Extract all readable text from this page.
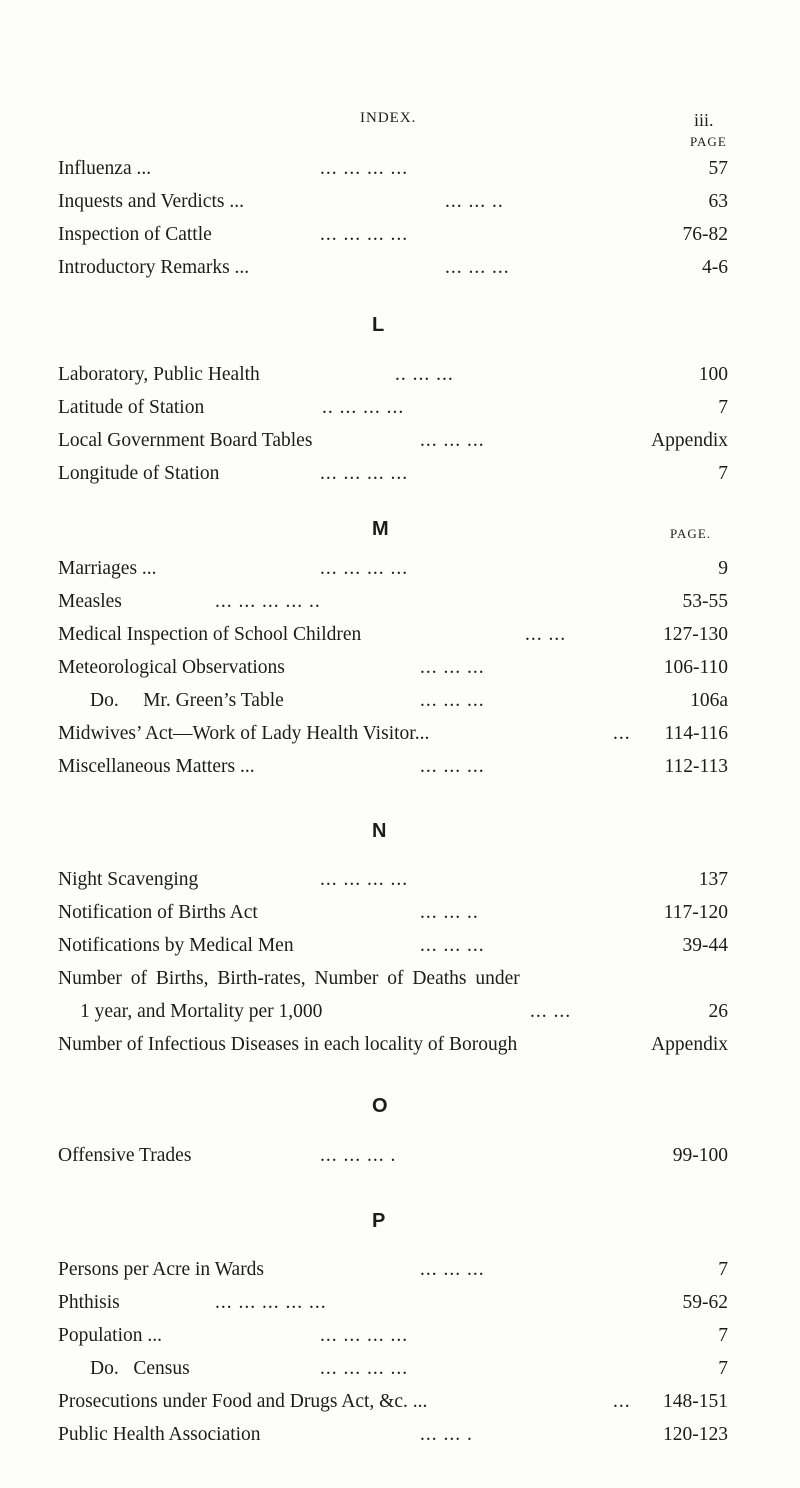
INDEX.	iii.
PAGE
Influenza ...	... ... ... ...	57
Inquests and Verdicts ...	... ... ..	63
Inspection of Cattle	... ... ... ...	76-82
Introductory Remarks ...	... ... ...	4-6
L
Laboratory, Public Health	.. ... ...	100
Latitude of Station	.. ... ... ...	7
Local Government Board Tables	... ... ...	Appendix
Longitude of Station	... ... ... ...	7
M	PAGE.
Marriages ...	... ... ... ...	9
Measles	... ... ... ... ..	53-55
Medical Inspection of School Children	... ...	127-130
Meteorological Observations	... ... ...	106-110
Do.     Mr. Green’s Table	... ... ...	106a
Midwives’ Act—Work of Lady Health Visitor...	... 114-116
Miscellaneous Matters ...	... ... ...	112-113
N
Night Scavenging	... ... ... ...	137
Notification of Births Act	... ... ..	117-120
Notifications by Medical Men	... ... ...	39-44
Number of Births, Birth-rates, Number of Deaths under
1 year, and Mortality per 1,000	... ...	26
Number of Infectious Diseases in each locality of Borough	Appendix
O
Offensive Trades	... ... ... .	99-100
P
Persons per Acre in Wards	... ... ...	7
Phthisis	... ... ... ... ...	59-62
Population ...	... ... ... ...	7
Do.   Census	... ... ... ...	7
Prosecutions under Food and Drugs Act, &c. ...	... 148-151
Public Health Association	... ... .	120-123
